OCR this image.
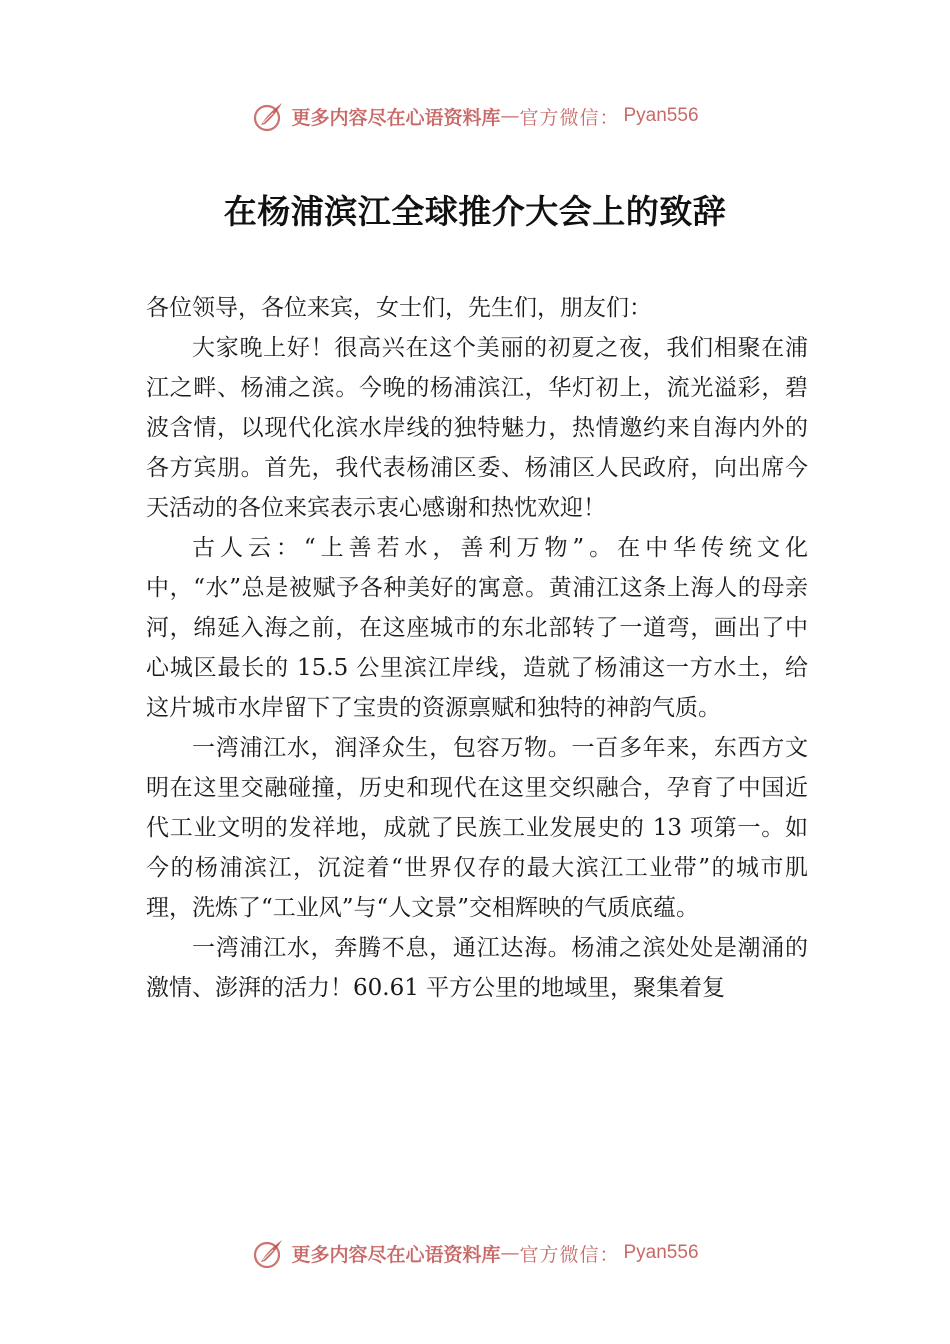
更多内容尽在心语资料库 — 官方微信： Pyan556
在杨浦滨江全球推介大会上的致辞

各位领导，各位来宾，女士们，先生们，朋友们：

大家晚上好！很高兴在这个美丽的初夏之夜，我们相聚在浦江之畔、杨浦之滨。今晚的杨浦滨江，华灯初上，流光溢彩，碧波含情，以现代化滨水岸线的独特魅力，热情邀约来自海内外的各方宾朋。首先，我代表杨浦区委、杨浦区人民政府，向出席今天活动的各位来宾表示衷心感谢和热忱欢迎！

古人云：“上善若水，善利万物”。在中华传统文化中，“水”总是被赋予各种美好的寓意。黄浦江这条上海人的母亲河，绵延入海之前，在这座城市的东北部转了一道弯，画出了中心城区最长的 15.5 公里滨江岸线，造就了杨浦这一方水土，给这片城市水岸留下了宝贵的资源禀赋和独特的神韵气质。

一湾浦江水，润泽众生，包容万物。一百多年来，东西方文明在这里交融碰撞，历史和现代在这里交织融合，孕育了中国近代工业文明的发祥地，成就了民族工业发展史的 13 项第一。如今的杨浦滨江，沉淀着“世界仅存的最大滨江工业带”的城市肌理，洗炼了“工业风”与“人文景”交相辉映的气质底蕴。

一湾浦江水，奔腾不息，通江达海。杨浦之滨处处是潮涌的激情、澎湃的活力！60.61 平方公里的地域里，聚集着复

更多内容尽在心语资料库 — 官方微信： Pyan556
